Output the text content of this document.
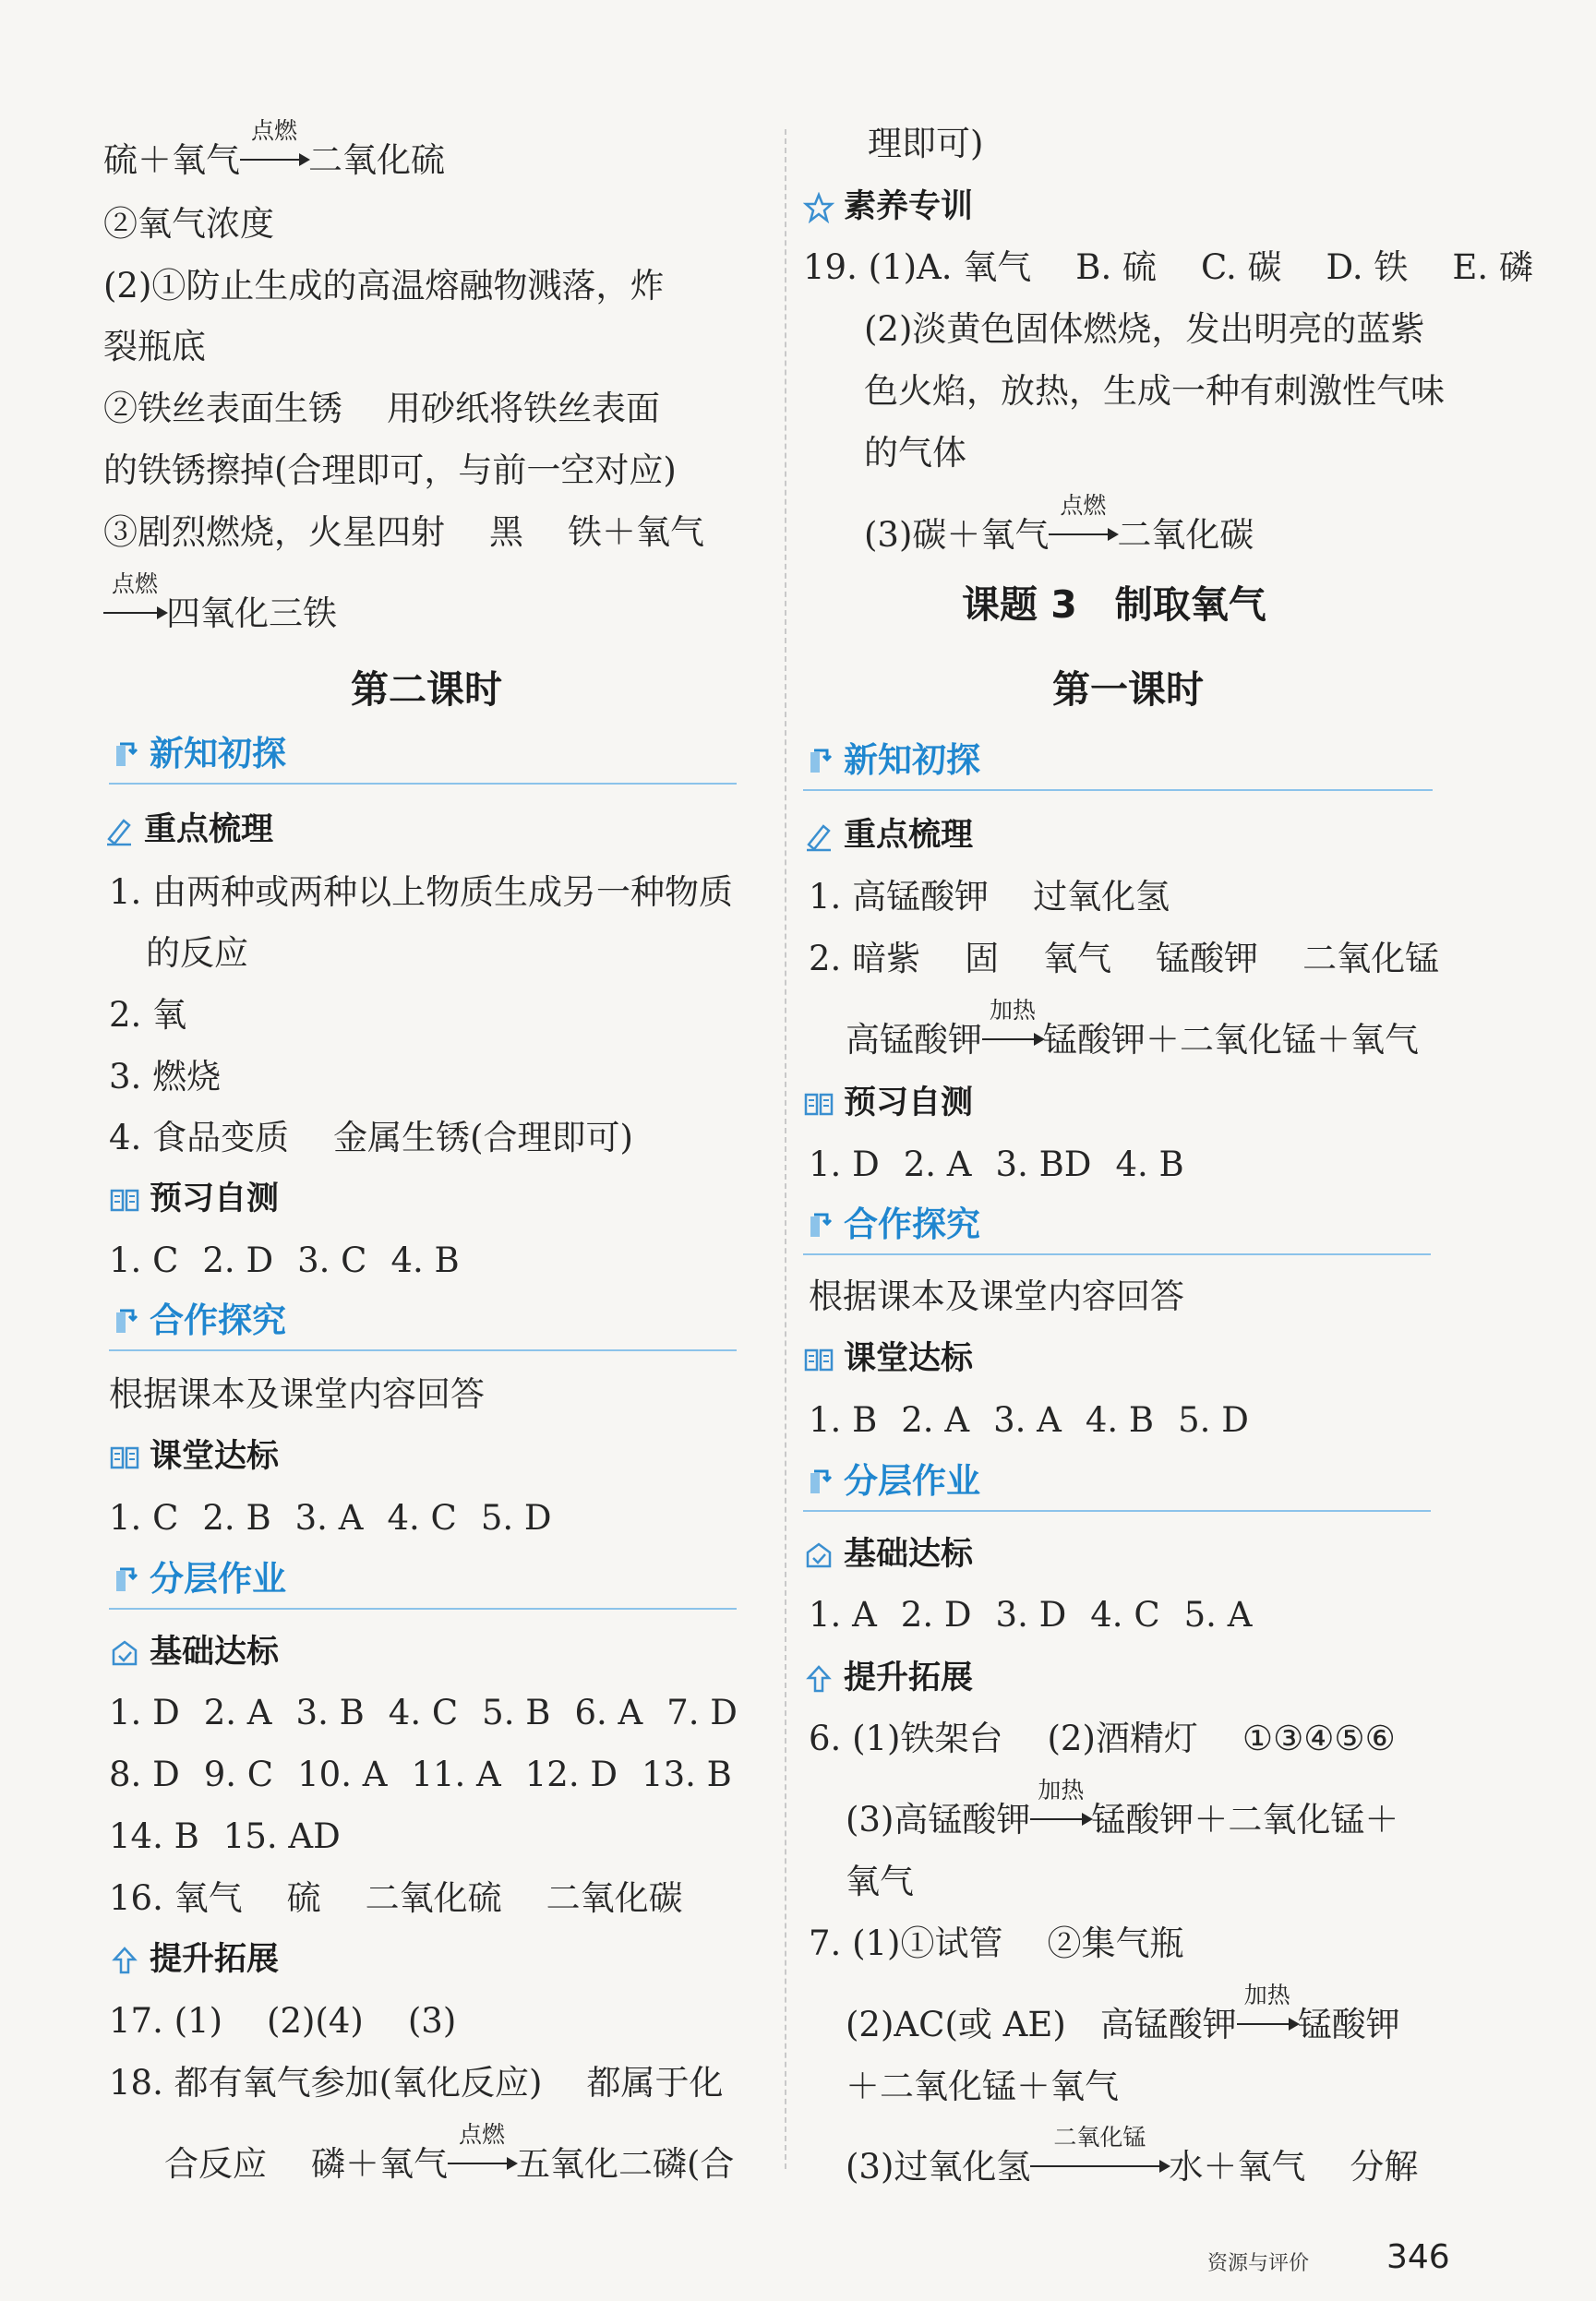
硫＋氧气
点燃
二氧化硫
②氧气浓度
(2)①防止生成的高温熔融物溅落，炸
裂瓶底
②铁丝表面生锈 用砂纸将铁丝表面
的铁锈擦掉(合理即可，与前一空对应)
③剧烈燃烧，火星四射 黑 铁＋氧气
点燃
四氧化三铁
第二课时
新知初探
重点梳理
1. 由两种或两种以上物质生成另一种物质
的反应
2. 氧
3. 燃烧
4. 食品变质 金属生锈(合理即可)
预习自测
1. C 2. D 3. C 4. B
合作探究
根据课本及课堂内容回答
课堂达标
1. C 2. B 3. A 4. C 5. D
分层作业
基础达标
1. D 2. A 3. B 4. C 5. B 6. A 7. D
8. D 9. C 10. A 11. A 12. D 13. B
14. B 15. AD
16. 氧气 硫 二氧化硫 二氧化碳
提升拓展
17. (1) (2)(4) (3)
18. 都有氧气参加(氧化反应) 都属于化
合反应 磷＋氧气
点燃
五氧化二磷(合
理即可)
素养专训
19. (1)A. 氧气 B. 硫 C. 碳 D. 铁 E. 磷
(2)淡黄色固体燃烧，发出明亮的蓝紫
色火焰，放热，生成一种有刺激性气味
的气体
(3)碳＋氧气
点燃
二氧化碳
课题 3　制取氧气
第一课时
新知初探
重点梳理
1. 高锰酸钾 过氧化氢
2. 暗紫 固 氧气 锰酸钾 二氧化锰
高锰酸钾
加热
锰酸钾＋二氧化锰＋氧气
预习自测
1. D 2. A 3. BD 4. B
合作探究
根据课本及课堂内容回答
课堂达标
1. B 2. A 3. A 4. B 5. D
分层作业
基础达标
1. A 2. D 3. D 4. C 5. A
提升拓展
6. (1)铁架台 (2)酒精灯 ①③④⑤⑥
(3)高锰酸钾
加热
锰酸钾＋二氧化锰＋
氧气
7. (1)①试管 ②集气瓶
(2)AC(或 AE)　高锰酸钾
加热
锰酸钾
＋二氧化锰＋氧气
(3)过氧化氢
二氧化锰
水＋氧气 分解
资源与评价 346
